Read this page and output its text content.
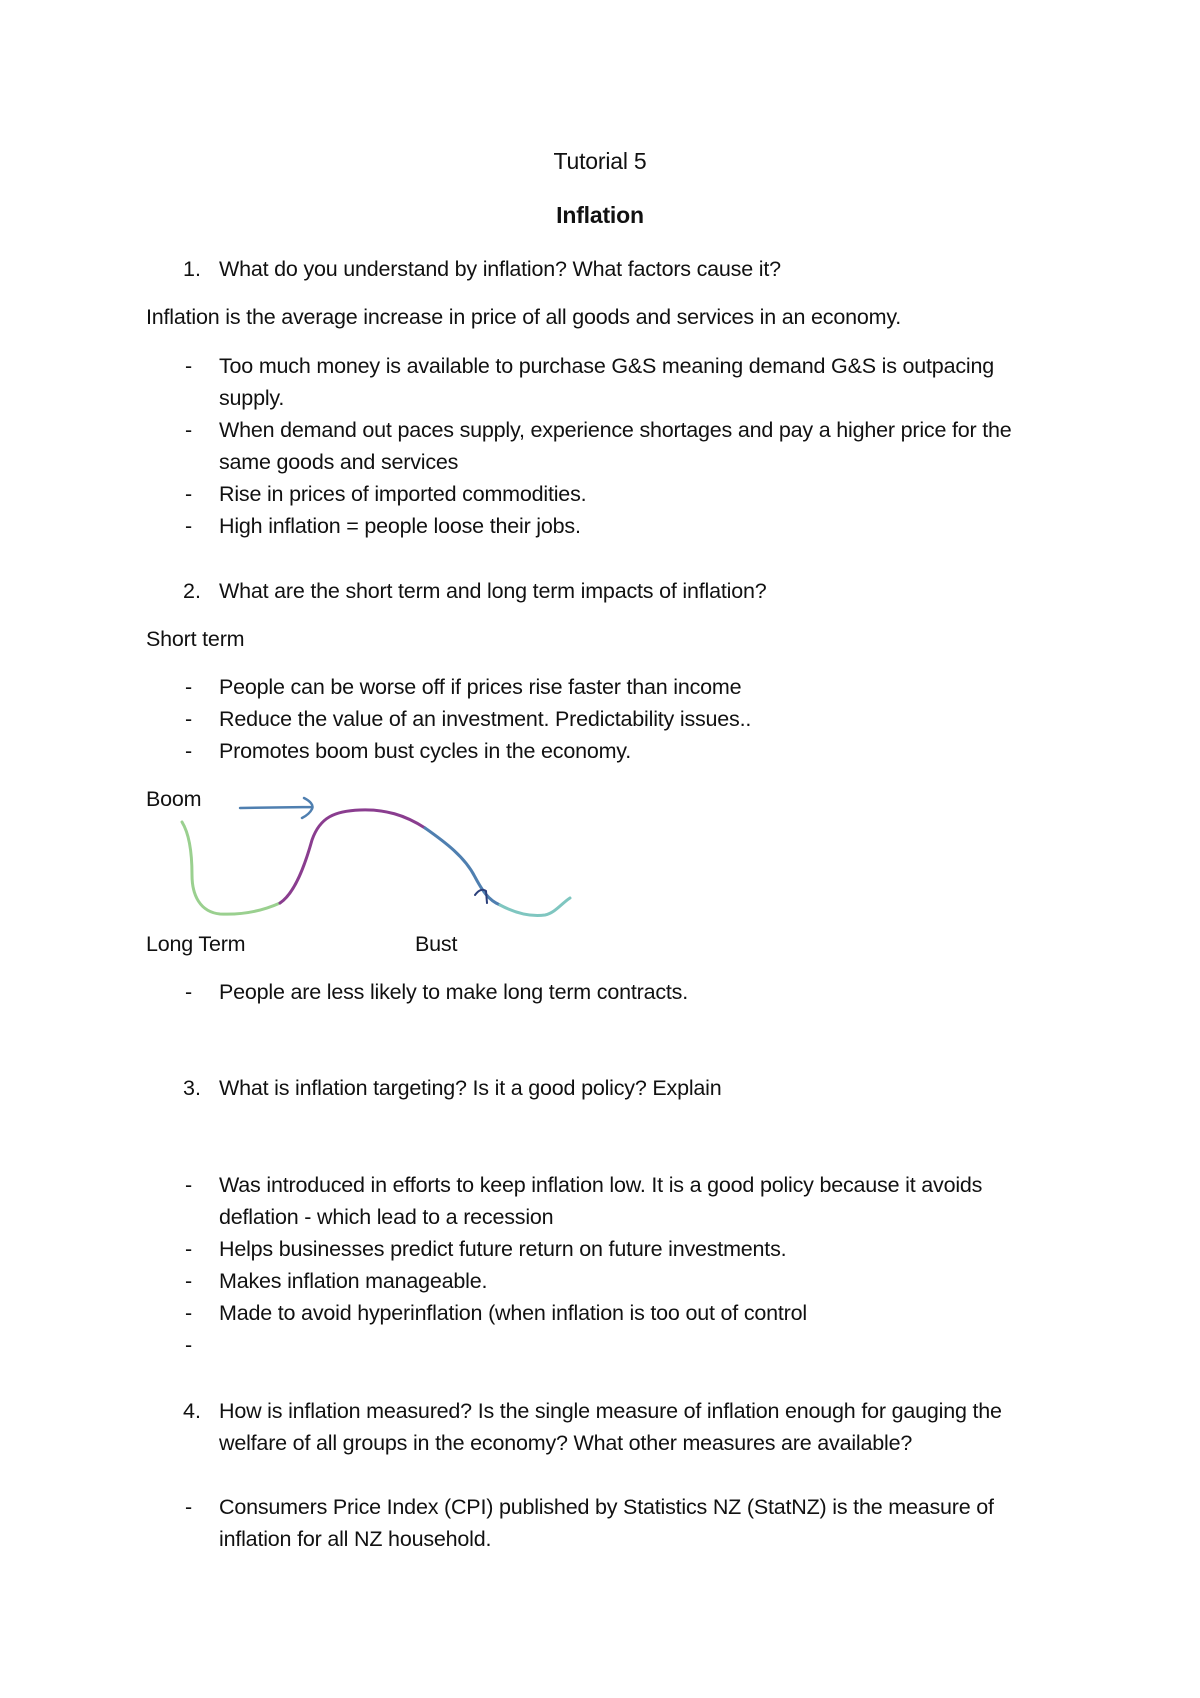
Tutorial 5
Inflation
1. What do you understand by inflation? What factors cause it?
Inflation is the average increase in price of all goods and services in an economy.
- Too much money is available to purchase G&S meaning demand G&S is outpacing
supply.
- When demand out paces supply, experience shortages and pay a higher price for the
same goods and services
- Rise in prices of imported commodities.
- High inflation = people loose their jobs.
2. What are the short term and long term impacts of inflation?
Short term
- People can be worse off if prices rise faster than income
- Reduce the value of an investment. Predictability issues..
- Promotes boom bust cycles in the economy.
Boom
Long Term	Bust
- People are less likely to make long term contracts.
3. What is inflation targeting? Is it a good policy? Explain
- Was introduced in efforts to keep inflation low. It is a good policy because it avoids
deflation - which lead to a recession
- Helps businesses predict future return on future investments.
- Makes inflation manageable.
- Made to avoid hyperinflation (when inflation is too out of control
-
4. How is inflation measured? Is the single measure of inflation enough for gauging the
welfare of all groups in the economy? What other measures are available?
- Consumers Price Index (CPI) published by Statistics NZ (StatNZ) is the measure of
inflation for all NZ household.
